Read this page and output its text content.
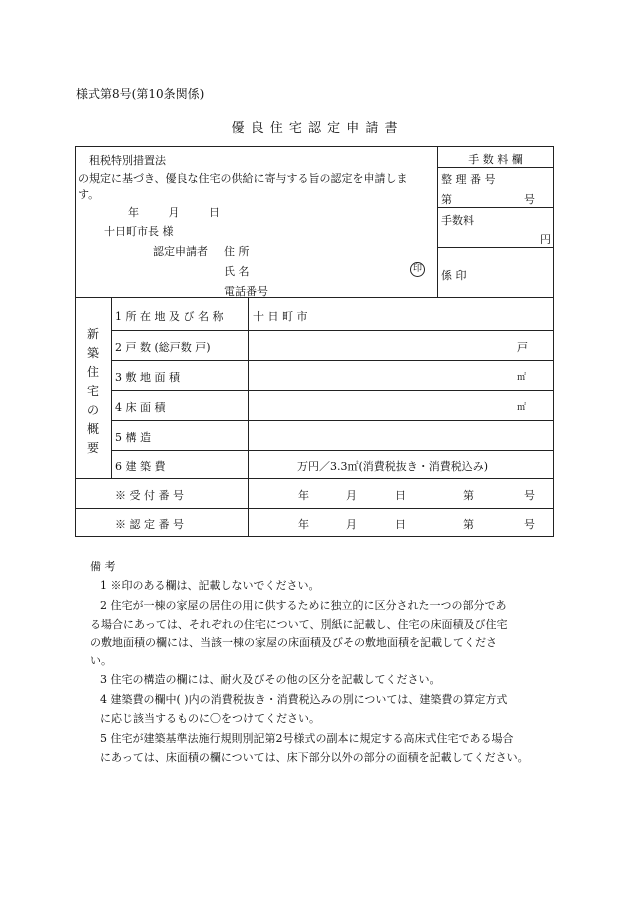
様式第8号(第10条関係)
優 良 住 宅 認 定 申 請 書
租税特別措置法
の規定に基づき、優良な住宅の供給に寄与する旨の認定を申請しま
す。
年 月 日
十日町市長 様
認定申請者 住 所
氏 名	印
電話番号
手 数 料 欄
整 理 番 号
第	号
手数料
円
係 印
新
築
住
宅
の
概
要
1 所 在 地 及 び 名 称	十 日 町 市
2 戸 数 (総戸数 戸)	戸
3 敷 地 面 積	㎡
4 床 面 積	㎡
5 構 造
6 建 築 費	万円／3.3㎡(消費税抜き・消費税込み)
※ 受 付 番 号	年	月	日	第	号
※ 認 定 番 号	年	月	日	第	号
備 考
1 ※印のある欄は、記載しないでください。
2 住宅が一棟の家屋の居住の用に供するために独立的に区分された一つの部分であ
る場合にあっては、それぞれの住宅について、別紙に記載し、住宅の床面積及び住宅
の敷地面積の欄には、当該一棟の家屋の床面積及びその敷地面積を記載してくださ
い。
3 住宅の構造の欄には、耐火及びその他の区分を記載してください。
4 建築費の欄中( )内の消費税抜き・消費税込みの別については、建築費の算定方式
に応じ該当するものに〇をつけてください。
5 住宅が建築基準法施行規則別記第2号様式の副本に規定する高床式住宅である場合
にあっては、床面積の欄については、床下部分以外の部分の面積を記載してください。
